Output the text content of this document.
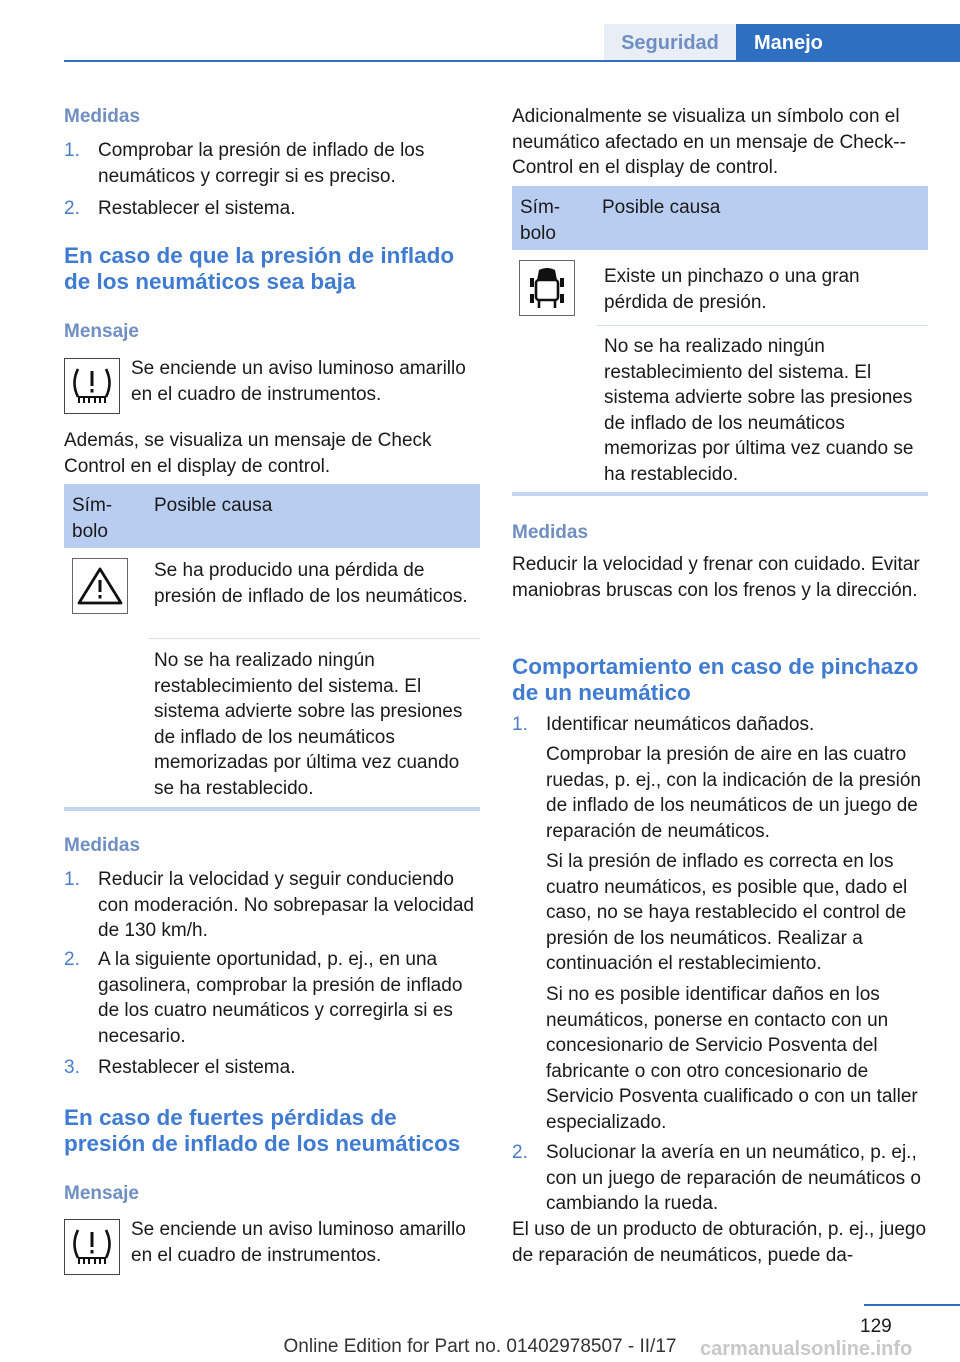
Seguridad	Manejo
Medidas
1. Comprobar la presión de inflado de los neumáticos y corregir si es preciso.
2. Restablecer el sistema.
En caso de que la presión de inflado de los neumáticos sea baja
Mensaje
Se enciende un aviso luminoso amarillo en el cuadro de instrumentos.
Además, se visualiza un mensaje de Check Control en el display de control.
Sím-bolo
Posible causa
Se ha producido una pérdida de presión de inflado de los neumáticos.
No se ha realizado ningún restablecimiento del sistema. El sistema advierte sobre las presiones de inflado de los neumáticos memorizadas por última vez cuando se ha restablecido.
Medidas
1. Reducir la velocidad y seguir conduciendo con moderación. No sobrepasar la velocidad de 130 km/h.
2. A la siguiente oportunidad, p. ej., en una gasolinera, comprobar la presión de inflado de los cuatro neumáticos y corregirla si es necesario.
3. Restablecer el sistema.
En caso de fuertes pérdidas de presión de inflado de los neumáticos
Mensaje
Se enciende un aviso luminoso amarillo en el cuadro de instrumentos.
Adicionalmente se visualiza un símbolo con el neumático afectado en un mensaje de Check--Control en el display de control.
Sím-bolo
Posible causa
Existe un pinchazo o una gran pérdida de presión.
No se ha realizado ningún restablecimiento del sistema. El sistema advierte sobre las presiones de inflado de los neumáticos memorizas por última vez cuando se ha restablecido.
Medidas
Reducir la velocidad y frenar con cuidado. Evitar maniobras bruscas con los frenos y la dirección.
Comportamiento en caso de pinchazo de un neumático
1. Identificar neumáticos dañados.
Comprobar la presión de aire en las cuatro ruedas, p. ej., con la indicación de la presión de inflado de los neumáticos de un juego de reparación de neumáticos.
Si la presión de inflado es correcta en los cuatro neumáticos, es posible que, dado el caso, no se haya restablecido el control de presión de los neumáticos. Realizar a continuación el restablecimiento.
Si no es posible identificar daños en los neumáticos, ponerse en contacto con un concesionario de Servicio Posventa del fabricante o con otro concesionario de Servicio Posventa cualificado o con un taller especializado.
2. Solucionar la avería en un neumático, p. ej., con un juego de reparación de neumáticos o cambiando la rueda.
El uso de un producto de obturación, p. ej., juego de reparación de neumáticos, puede da-
129
Online Edition for Part no. 01402978507 - II/17	carmanualsonline.info
